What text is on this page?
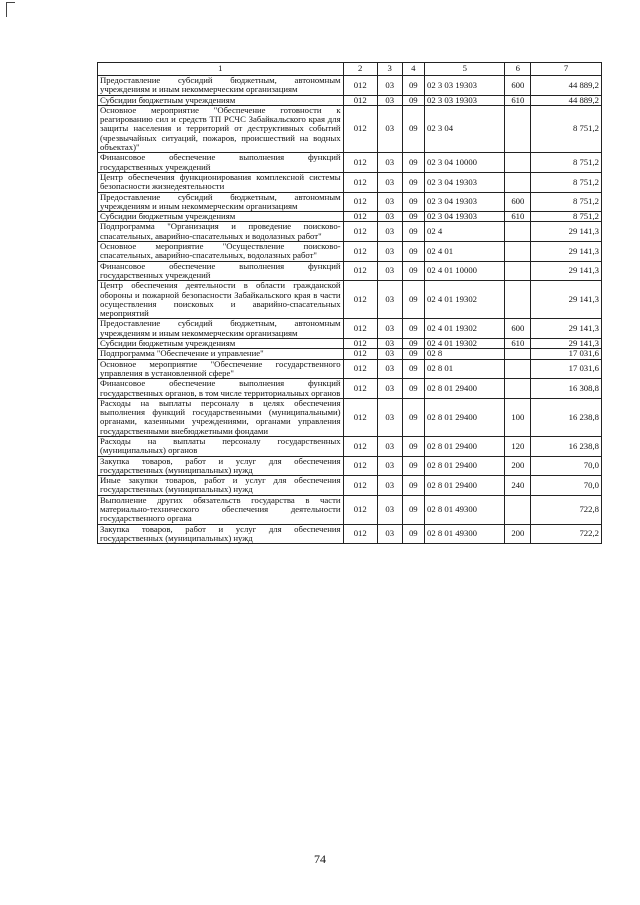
1	2	3	4	5	6	7
Предоставление субсидий бюджетным, автономным учреждениям и иным некоммерческим организациям	012	03	09	02 3 03 19303	600	44 889,2
Субсидии бюджетным учреждениям	012	03	09	02 3 03 19303	610	44 889,2
Основное мероприятие "Обеспечение готовности к реагированию сил и средств ТП РСЧС Забайкальского края для защиты населения и территорий от деструктивных событий (чрезвычайных ситуаций, пожаров, происшествий на водных объектах)"	012	03	09	02 3 04		8 751,2
Финансовое обеспечение выполнения функций государственных учреждений	012	03	09	02 3 04 10000		8 751,2
Центр обеспечения функционирования комплексной системы безопасности жизнедеятельности	012	03	09	02 3 04 19303		8 751,2
Предоставление субсидий бюджетным, автономным учреждениям и иным некоммерческим организациям	012	03	09	02 3 04 19303	600	8 751,2
Субсидии бюджетным учреждениям	012	03	09	02 3 04 19303	610	8 751,2
Подпрограмма "Организация и проведение поисково-спасательных, аварийно-спасательных и водолазных работ"	012	03	09	02 4		29 141,3
Основное мероприятие "Осуществление поисково-спасательных, аварийно-спасательных, водолазных работ"	012	03	09	02 4 01		29 141,3
Финансовое обеспечение выполнения функций государственных учреждений	012	03	09	02 4 01 10000		29 141,3
Центр обеспечения деятельности в области гражданской обороны и пожарной безопасности Забайкальского края в части осуществления поисковых и аварийно-спасательных мероприятий	012	03	09	02 4 01 19302		29 141,3
Предоставление субсидий бюджетным, автономным учреждениям и иным некоммерческим организациям	012	03	09	02 4 01 19302	600	29 141,3
Субсидии бюджетным учреждениям	012	03	09	02 4 01 19302	610	29 141,3
Подпрограмма "Обеспечение и управление"	012	03	09	02 8		17 031,6
Основное мероприятие "Обеспечение государственного управления в установленной сфере"	012	03	09	02 8 01		17 031,6
Финансовое обеспечение выполнения функций государственных органов, в том числе территориальных органов	012	03	09	02 8 01 29400		16 308,8
Расходы на выплаты персоналу в целях обеспечения выполнения функций государственными (муниципальными) органами, казенными учреждениями, органами управления государственными внебюджетными фондами	012	03	09	02 8 01 29400	100	16 238,8
Расходы на выплаты персоналу государственных (муниципальных) органов	012	03	09	02 8 01 29400	120	16 238,8
Закупка товаров, работ и услуг для обеспечения государственных (муниципальных) нужд	012	03	09	02 8 01 29400	200	70,0
Иные закупки товаров, работ и услуг для обеспечения государственных (муниципальных) нужд	012	03	09	02 8 01 29400	240	70,0
Выполнение других обязательств государства в части материально-технического обеспечения деятельности государственного органа	012	03	09	02 8 01 49300		722,8
Закупка товаров, работ и услуг для обеспечения государственных (муниципальных) нужд	012	03	09	02 8 01 49300	200	722,2
74
